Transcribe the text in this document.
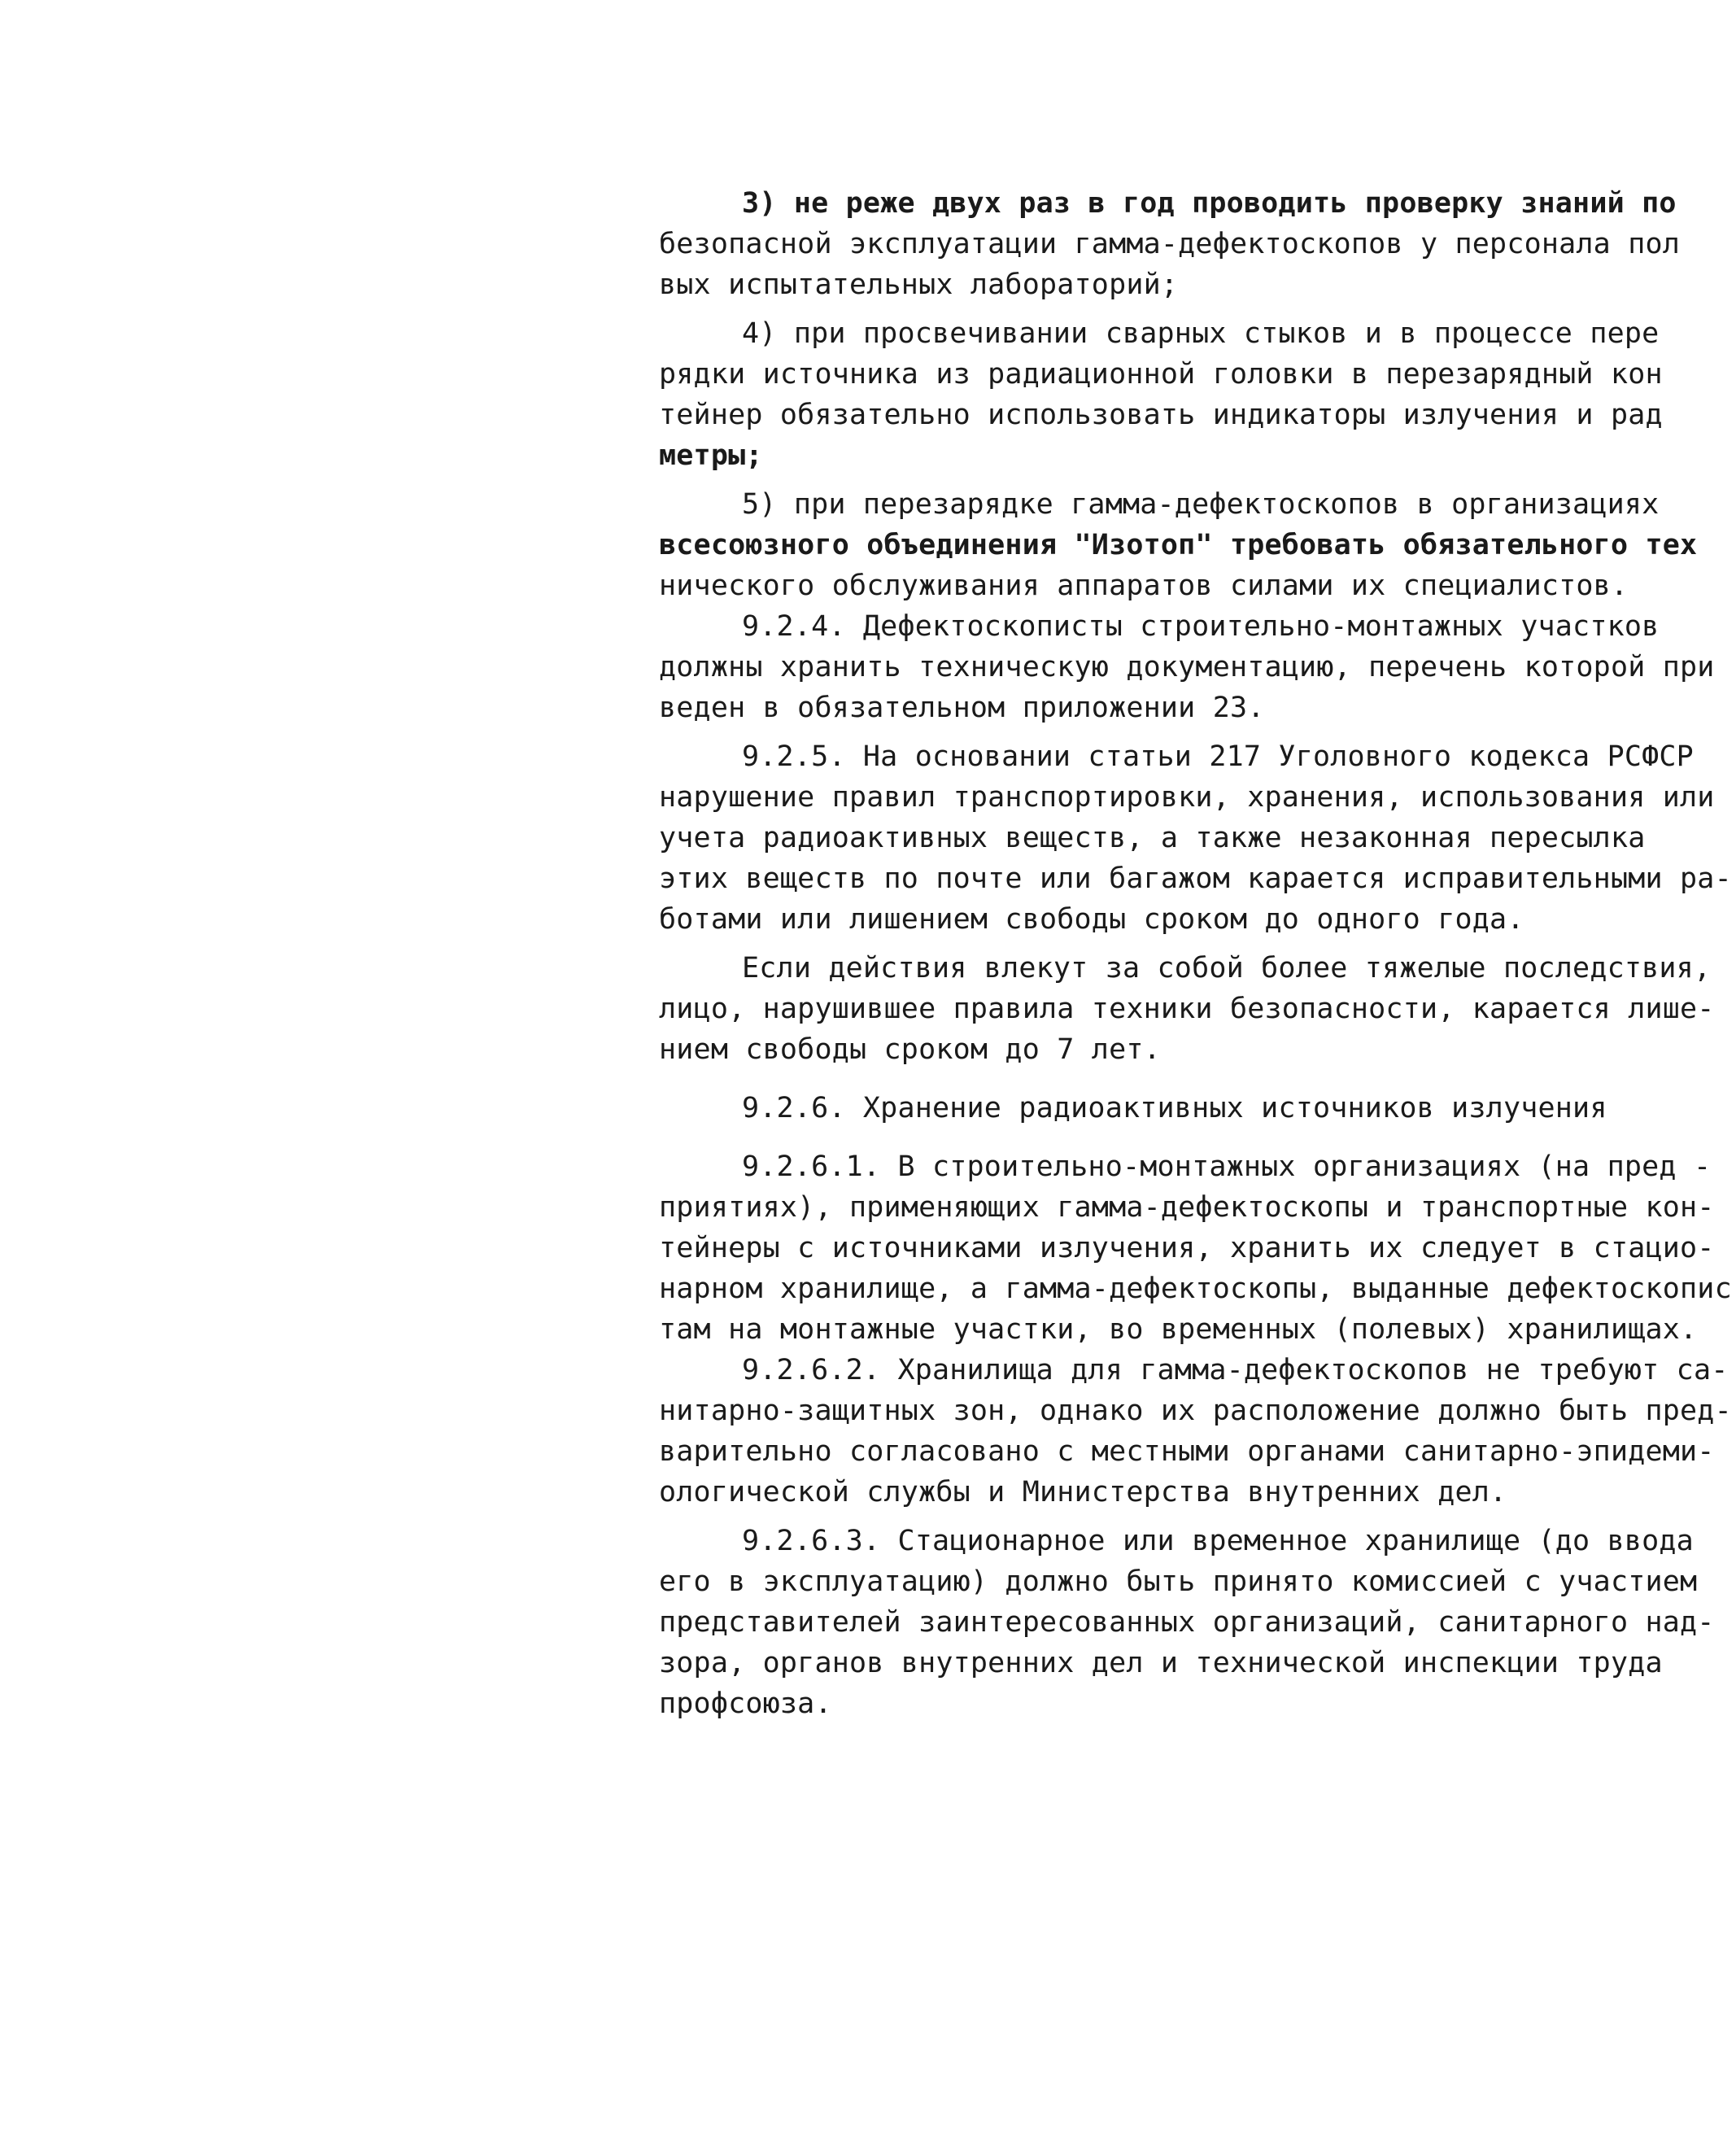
3) не реже двух раз в год проводить проверку знаний по
безопасной эксплуатации гамма-дефектоскопов у персонала пол
вых испытательных лабораторий;
4) при просвечивании сварных стыков и в процессе пере
рядки источника из радиационной головки в перезарядный кон
тейнер обязательно использовать индикаторы излучения и рад
метры;
5) при перезарядке гамма-дефектоскопов в организациях
всесоюзного объединения "Изотоп" требовать обязательного тех
нического обслуживания аппаратов силами их специалистов.
9.2.4. Дефектоскописты строительно-монтажных участков
должны хранить техническую документацию, перечень которой при
веден в обязательном приложении 23.
9.2.5. На основании статьи 217 Уголовного кодекса РСФСР
нарушение правил транспортировки, хранения, использования или
учета радиоактивных веществ, а также незаконная пересылка
этих веществ по почте или багажом карается исправительными ра-
ботами или лишением свободы сроком до одного года.
Если действия влекут за собой более тяжелые последствия,
лицо, нарушившее правила техники безопасности, карается лише-
нием свободы сроком до 7 лет.
9.2.6. Хранение радиоактивных источников излучения
9.2.6.1. В строительно-монтажных организациях (на пред -
приятиях), применяющих гамма-дефектоскопы и транспортные кон-
тейнеры с источниками излучения, хранить их следует в стацио-
нарном хранилище, а гамма-дефектоскопы, выданные дефектоскопис
там на монтажные участки, во временных (полевых) хранилищах.
9.2.6.2. Хранилища для гамма-дефектоскопов не требуют са-
нитарно-защитных зон, однако их расположение должно быть пред-
варительно согласовано с местными органами санитарно-эпидеми-
ологической службы и Министерства внутренних дел.
9.2.6.3. Стационарное или временное хранилище (до ввода
его в эксплуатацию) должно быть принято комиссией с участием
представителей заинтересованных организаций, санитарного над-
зора, органов внутренних дел и технической инспекции труда
профсоюза.
